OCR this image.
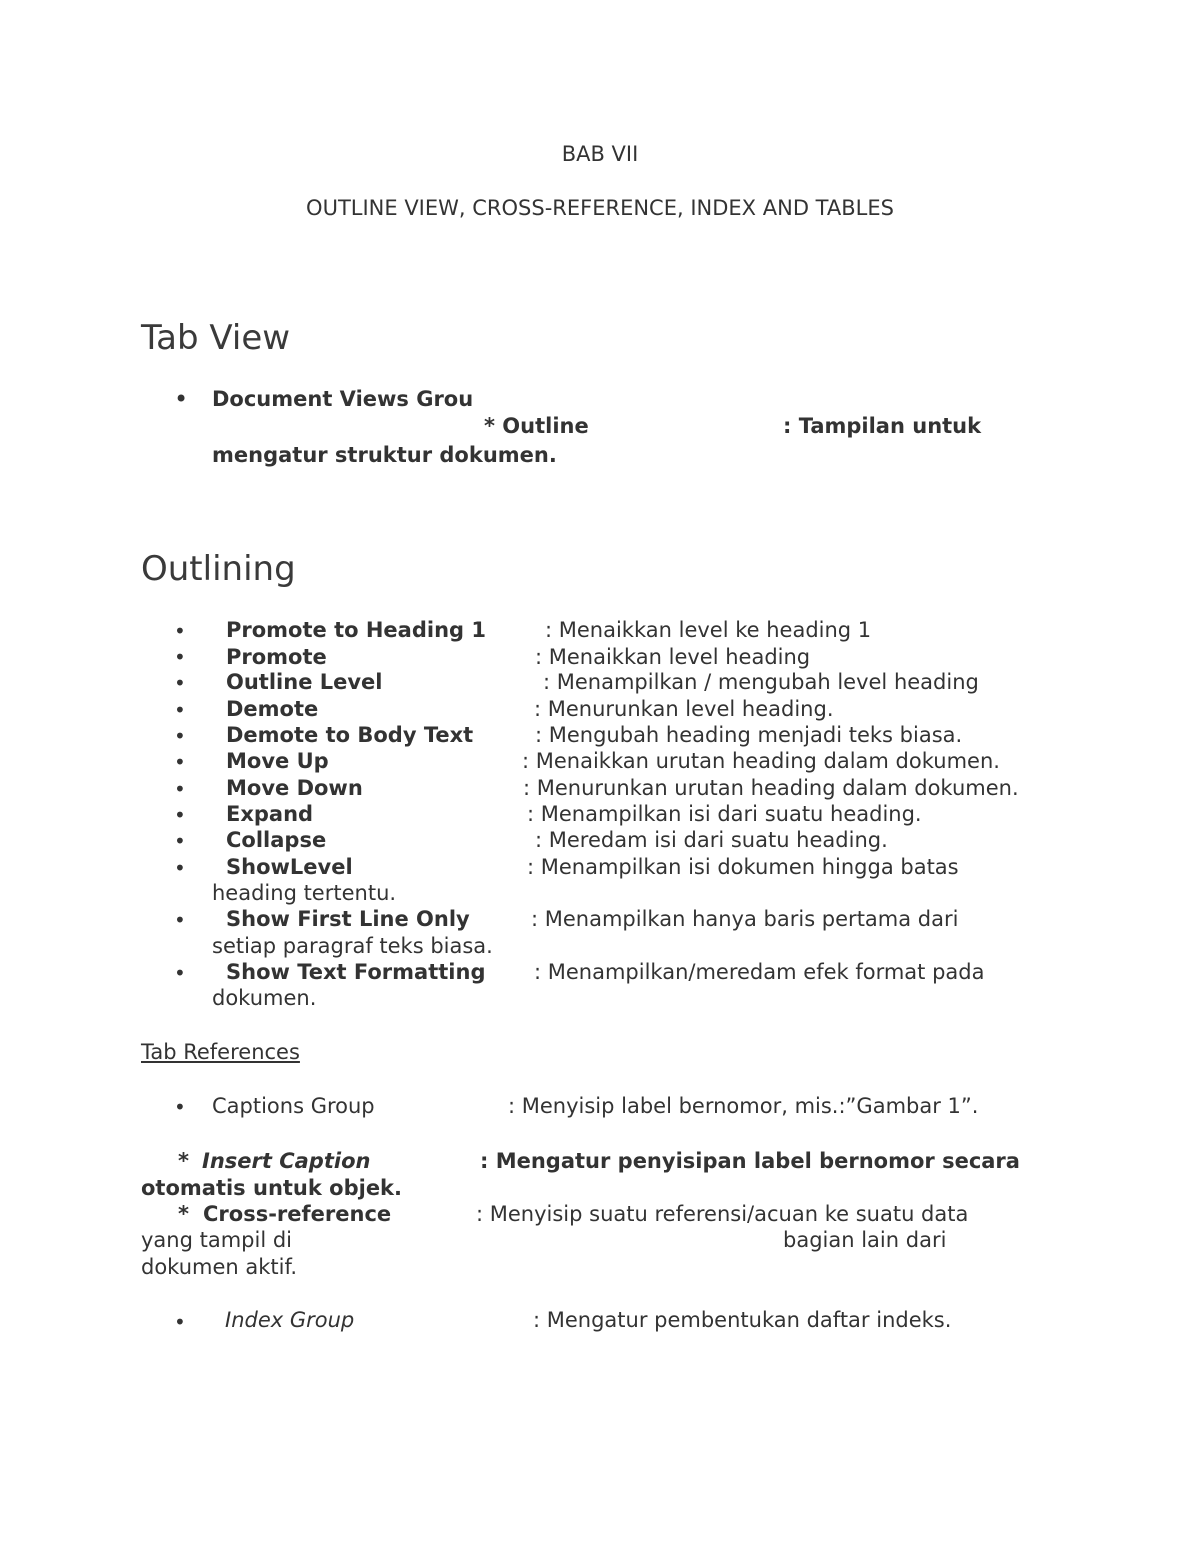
BAB VII
OUTLINE VIEW, CROSS-REFERENCE, INDEX AND TABLES
Tab View
• Document Views Grou
* Outline	: Tampilan untuk
mengatur struktur dokumen.
Outlining
• Promote to Heading 1	: Menaikkan level ke heading 1
• Promote	: Menaikkan level heading
• Outline Level	: Menampilkan / mengubah level heading
• Demote	: Menurunkan level heading.
• Demote to Body Text	: Mengubah heading menjadi teks biasa.
• Move Up	: Menaikkan urutan heading dalam dokumen.
• Move Down	: Menurunkan urutan heading dalam dokumen.
• Expand	: Menampilkan isi dari suatu heading.
• Collapse	: Meredam isi dari suatu heading.
• ShowLevel	: Menampilkan isi dokumen hingga batas
heading tertentu.
• Show First Line Only	: Menampilkan hanya baris pertama dari
setiap paragraf teks biasa.
• Show Text Formatting : Menampilkan/meredam efek format pada
dokumen.
Tab References
• Captions Group	: Menyisip label bernomor, mis.:”Gambar 1”.
* Insert Caption	: Mengatur penyisipan label bernomor secara
otomatis untuk objek.
* Cross-reference	: Menyisip suatu referensi/acuan ke suatu data
yang tampil di	bagian lain dari
dokumen aktif.
• Index Group	: Mengatur pembentukan daftar indeks.
